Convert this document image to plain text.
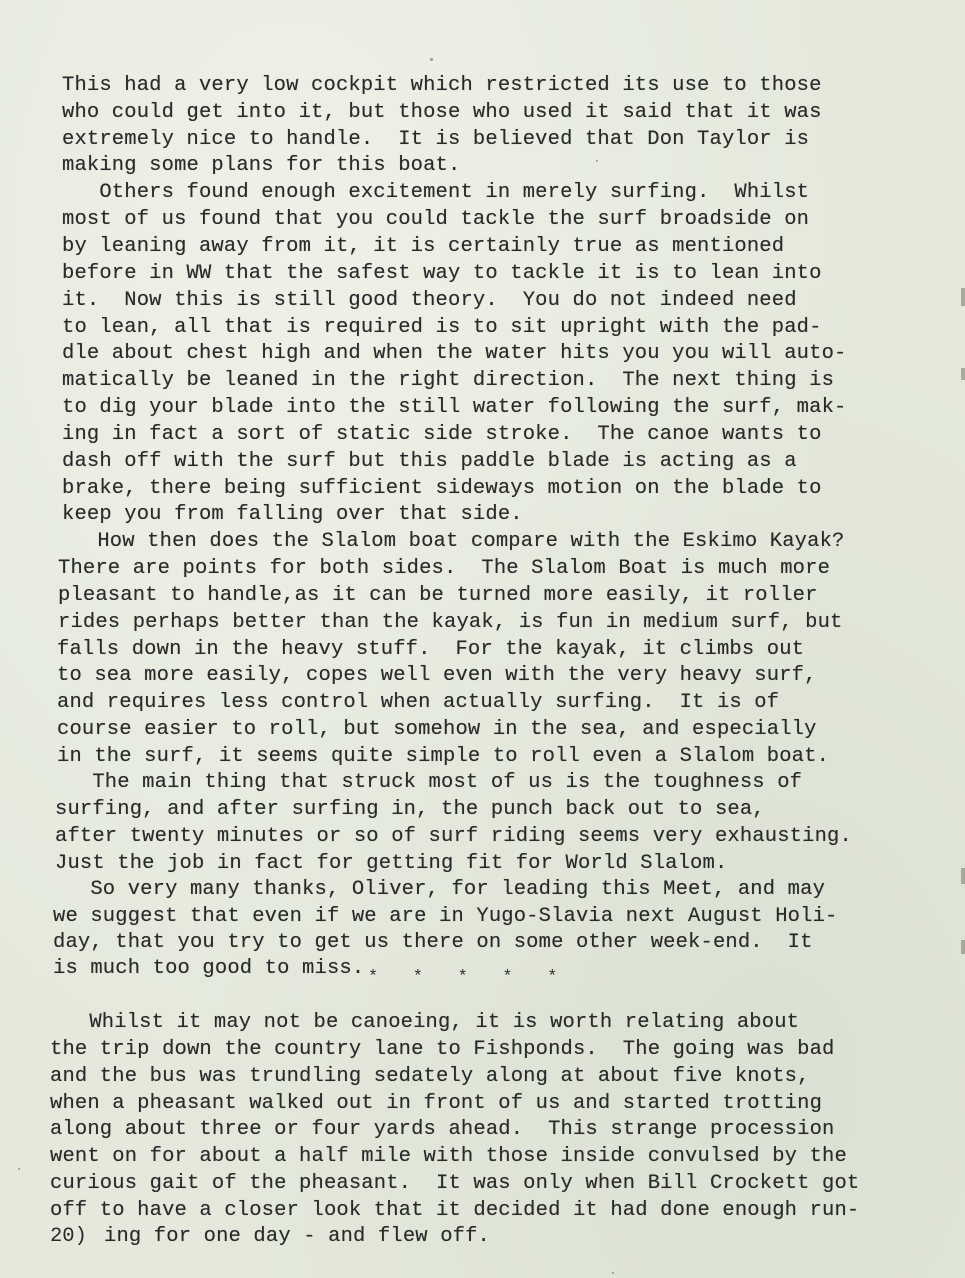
This had a very low cockpit which restricted its use to those
who could get into it, but those who used it said that it was
extremely nice to handle.  It is believed that Don Taylor is
making some plans for this boat.
Others found enough excitement in merely surfing.  Whilst
most of us found that you could tackle the surf broadside on
by leaning away from it, it is certainly true as mentioned
before in WW that the safest way to tackle it is to lean into
it.  Now this is still good theory.  You do not indeed need
to lean, all that is required is to sit upright with the pad-
dle about chest high and when the water hits you you will auto-
matically be leaned in the right direction.  The next thing is
to dig your blade into the still water following the surf, mak-
ing in fact a sort of static side stroke.  The canoe wants to
dash off with the surf but this paddle blade is acting as a
brake, there being sufficient sideways motion on the blade to
keep you from falling over that side.
How then does the Slalom boat compare with the Eskimo Kayak?
There are points for both sides.  The Slalom Boat is much more
pleasant to handle,as it can be turned more easily, it roller
rides perhaps better than the kayak, is fun in medium surf, but
falls down in the heavy stuff.  For the kayak, it climbs out
to sea more easily, copes well even with the very heavy surf,
and requires less control when actually surfing.  It is of
course easier to roll, but somehow in the sea, and especially
in the surf, it seems quite simple to roll even a Slalom boat.
The main thing that struck most of us is the toughness of
surfing, and after surfing in, the punch back out to sea,
after twenty minutes or so of surf riding seems very exhausting.
Just the job in fact for getting fit for World Slalom.
So very many thanks, Oliver, for leading this Meet, and may
we suggest that even if we are in Yugo-Slavia next August Holi-
day, that you try to get us there on some other week-end.  It
is much too good to miss. *   *   *   *   *
Whilst it may not be canoeing, it is worth relating about
the trip down the country lane to Fishponds.  The going was bad
and the bus was trundling sedately along at about five knots,
when a pheasant walked out in front of us and started trotting
along about three or four yards ahead.  This strange procession
went on for about a half mile with those inside convulsed by the
curious gait of the pheasant.  It was only when Bill Crockett got
off to have a closer look that it decided it had done enough run-
ing for one day - and flew off.
20)
